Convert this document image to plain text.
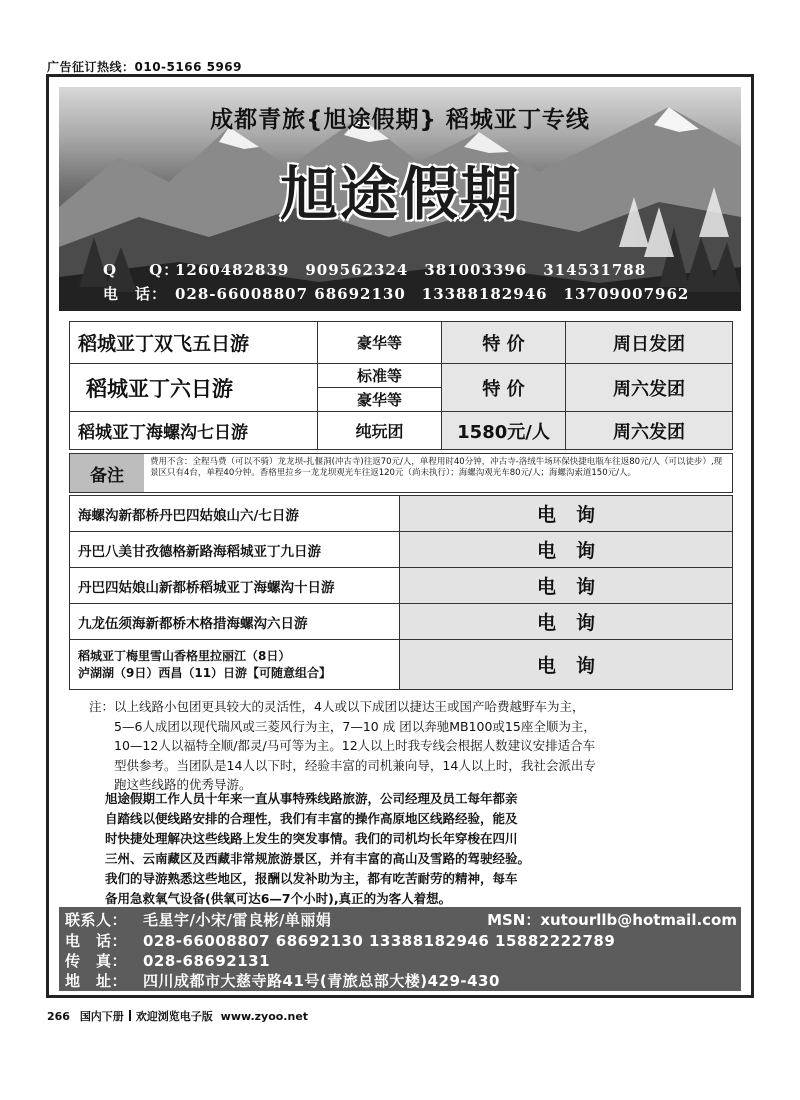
广告征订热线：010-5166 5969
成都青旅{旭途假期} 稻城亚丁专线
旭途假期
Q　　Q：1260482839　909562324　381003396　314531788
电　话： 028-66008807 68692130　13388182946　13709007962
稻城亚丁双飞五日游	豪华等	特 价	周日发团
稻城亚丁六日游	标准等	特 价	周六发团
	豪华等		
稻城亚丁海螺沟七日游	纯玩团	1580元/人	周六发团
备注
费用不含：全程马费（可以不骑）龙龙坝-扎偃洞(冲古寺)往返70元/人，单程用时40分钟，冲古寺-洛绒牛场环保快捷电瓶车往返80元/人（可以徒步）,现景区只有4台，单程40分钟。香格里拉乡一龙龙坝观光车往返120元（尚未执行）；海螺沟观光车80元/人；海螺沟索道150元/人。
海螺沟新都桥丹巴四姑娘山六/七日游	电询
丹巴八美甘孜德格新路海稻城亚丁九日游	电询
丹巴四姑娘山新都桥稻城亚丁海螺沟十日游	电询
九龙伍须海新都桥木格措海螺沟六日游	电询

稻城亚丁梅里雪山香格里拉丽江（8日）
泸湖湖（9日）西昌（11）日游【可随意组合】	电询

注：以上线路小包团更具较大的灵活性，4人或以下成团以捷达王或国产哈费越野车为主，

　　5—6人成团以现代瑞风或三菱风行为主，7—10 成 团以奔驰MB100或15座全顺为主，

　　10—12人以福特全顺/都灵/马可等为主。12人以上时我专线会根据人数建议安排适合车

　　型供参考。当团队是14人以下时，经验丰富的司机兼向导，14人以上时，我社会派出专

　　跑这些线路的优秀导游。

旭途假期工作人员十年来一直从事特殊线路旅游，公司经理及员工每年都亲

自踏线以便线路安排的合理性，我们有丰富的操作高原地区线路经验，能及

时快捷处理解决这些线路上发生的突发事情。我们的司机均长年穿梭在四川

三州、云南藏区及西藏非常规旅游景区，并有丰富的高山及雪路的驾驶经验。

我们的导游熟悉这些地区，报酬以发补助为主，都有吃苦耐劳的精神，每车

备用急救氧气设备(供氧可达6—7个小时),真正的为客人着想。

联系人： 毛星宇/小宋/雷良彬/单丽娟	MSN：xutourllb@hotmail.com
电　话： 028-66008807 68692130 13388182946 15882222789
传　真： 028-68692131
地　址： 四川成都市大慈寺路41号(青旅总部大楼)429-430
266 国内下册 欢迎浏览电子版 www.zyoo.net
